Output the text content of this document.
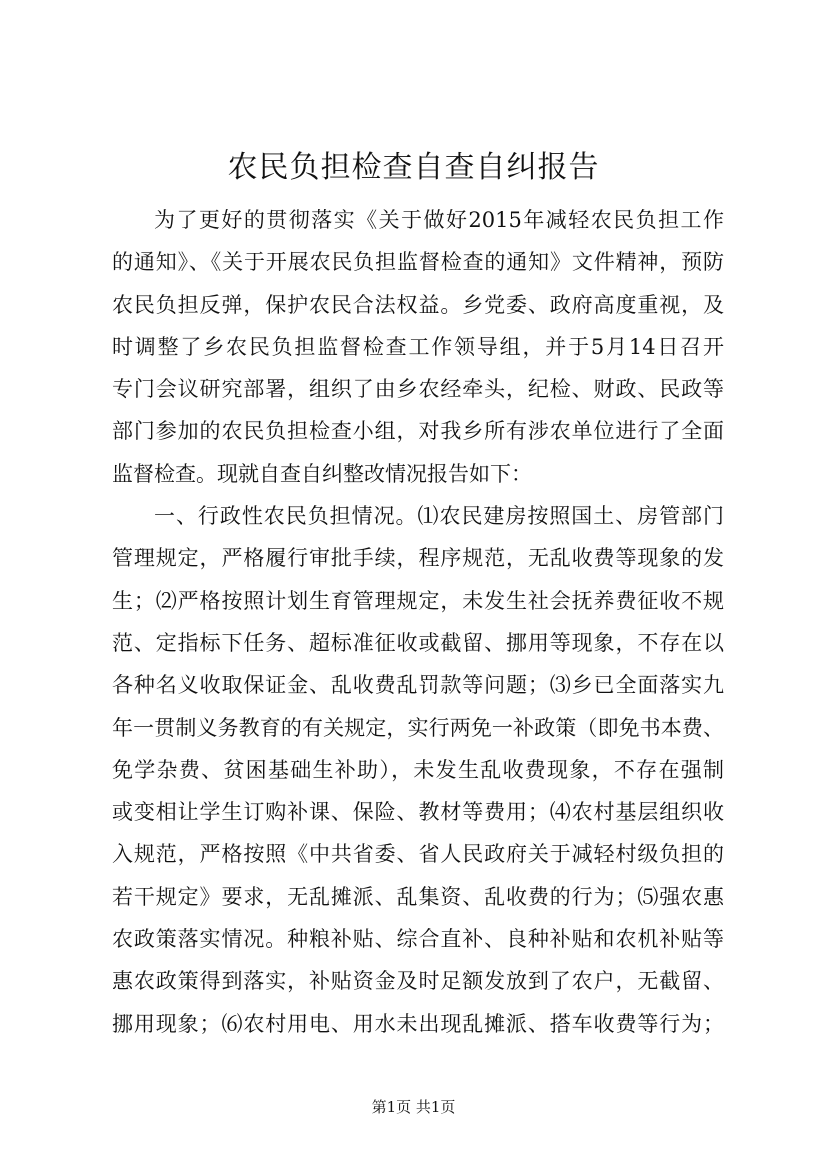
农民负担检查自查自纠报告
为了更好的贯彻落实《关于做好2015年减轻农民负担工作
的通知》、《关于开展农民负担监督检查的通知》文件精神，预防
农民负担反弹，保护农民合法权益。乡党委、政府高度重视，及
时调整了乡农民负担监督检查工作领导组，并于5月14日召开
专门会议研究部署，组织了由乡农经牵头，纪检、财政、民政等
部门参加的农民负担检查小组，对我乡所有涉农单位进行了全面
监督检查。现就自查自纠整改情况报告如下：
一、行政性农民负担情况。⑴农民建房按照国土、房管部门
管理规定，严格履行审批手续，程序规范，无乱收费等现象的发
生；⑵严格按照计划生育管理规定，未发生社会抚养费征收不规
范、定指标下任务、超标准征收或截留、挪用等现象，不存在以
各种名义收取保证金、乱收费乱罚款等问题；⑶乡已全面落实九
年一贯制义务教育的有关规定，实行两免一补政策（即免书本费、
免学杂费、贫困基础生补助），未发生乱收费现象，不存在强制
或变相让学生订购补课、保险、教材等费用；⑷农村基层组织收
入规范，严格按照《中共省委、省人民政府关于减轻村级负担的
若干规定》要求，无乱摊派、乱集资、乱收费的行为；⑸强农惠
农政策落实情况。种粮补贴、综合直补、良种补贴和农机补贴等
惠农政策得到落实，补贴资金及时足额发放到了农户，无截留、
挪用现象；⑹农村用电、用水未出现乱摊派、搭车收费等行为；
第1页 共1页
